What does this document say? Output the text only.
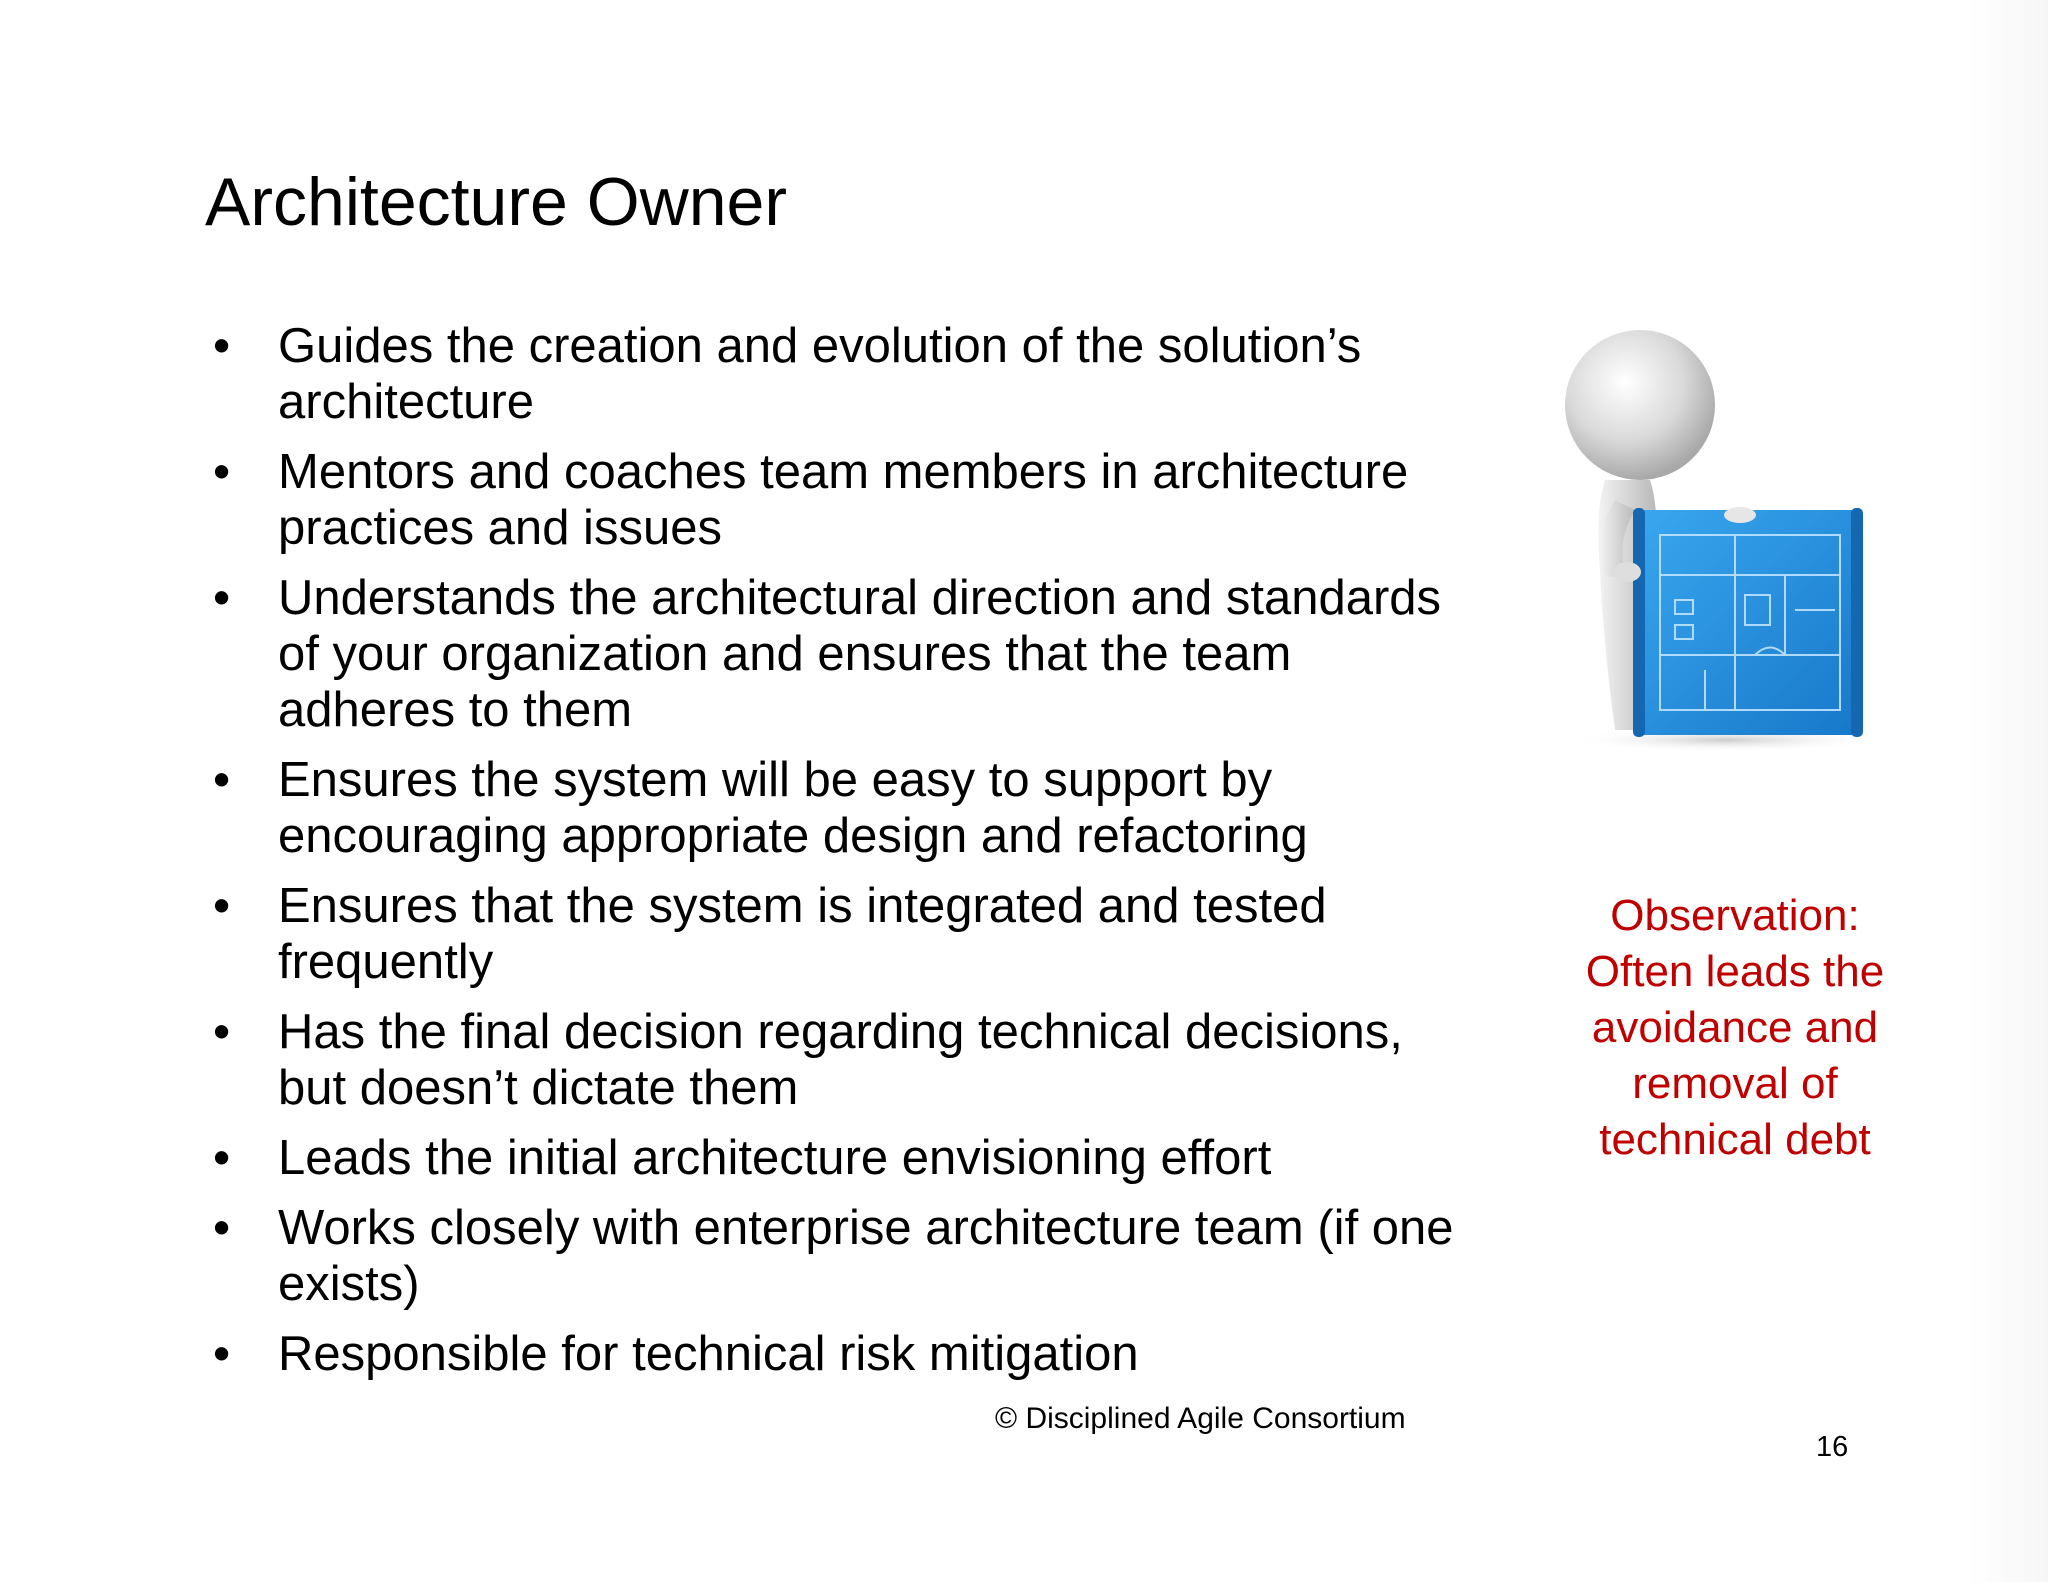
Architecture Owner
• Guides the creation and evolution of the solution’s
architecture
• Mentors and coaches team members in architecture
practices and issues
• Understands the architectural direction and standards
of your organization and ensures that the team
adheres to them
• Ensures the system will be easy to support by
encouraging appropriate design and refactoring
• Ensures that the system is integrated and tested
frequently
• Has the final decision regarding technical decisions,
but doesn’t dictate them
• Leads the initial architecture envisioning effort
• Works closely with enterprise architecture team (if one
exists)
• Responsible for technical risk mitigation
Observation:
Often leads the
avoidance and
removal of
technical debt
© Disciplined Agile Consortium
16
